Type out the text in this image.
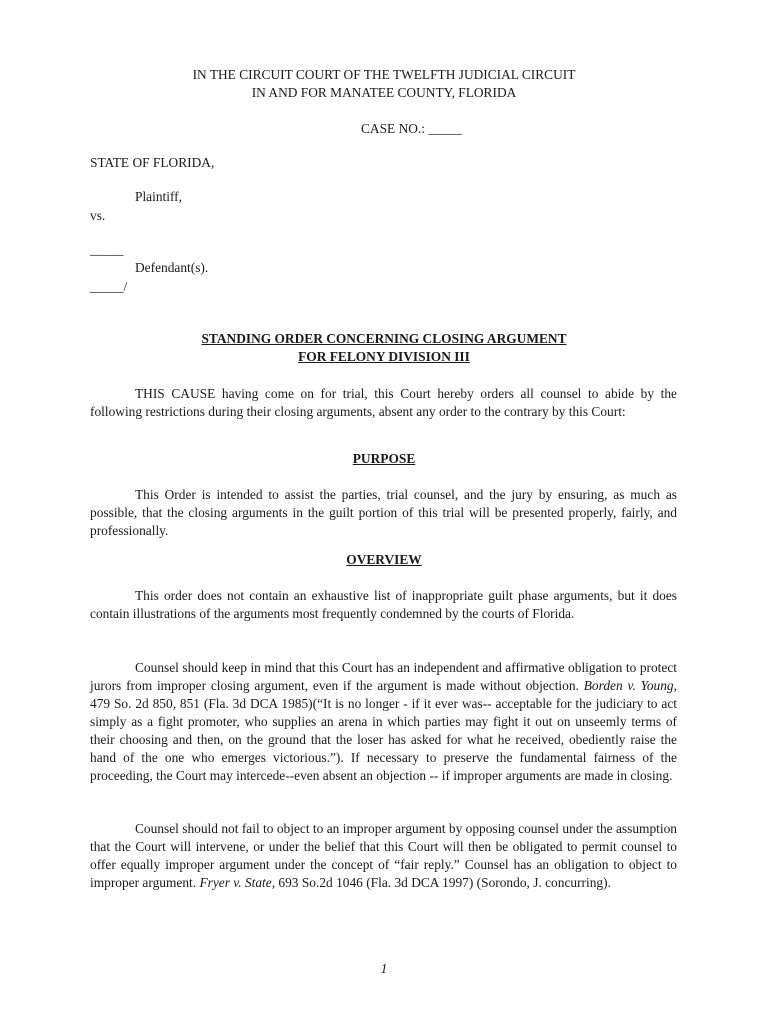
IN THE CIRCUIT COURT OF THE TWELFTH JUDICIAL CIRCUIT
IN AND FOR MANATEE COUNTY, FLORIDA
CASE NO.: _____
STATE OF FLORIDA,
Plaintiff,
vs.
_____
Defendant(s).
_____/
STANDING ORDER CONCERNING CLOSING ARGUMENT
FOR FELONY DIVISION III
THIS CAUSE having come on for trial, this Court hereby orders all counsel to abide by the following restrictions during their closing arguments, absent any order to the contrary by this Court:
PURPOSE
This Order is intended to assist the parties, trial counsel, and the jury by ensuring, as much as possible, that the closing arguments in the guilt portion of this trial will be presented properly, fairly, and professionally.
OVERVIEW
This order does not contain an exhaustive list of inappropriate guilt phase arguments, but it does contain illustrations of the arguments most frequently condemned by the courts of Florida.
Counsel should keep in mind that this Court has an independent and affirmative obligation to protect jurors from improper closing argument, even if the argument is made without objection. Borden v. Young, 479 So. 2d 850, 851 (Fla. 3d DCA 1985)(“It is no longer - if it ever was-- acceptable for the judiciary to act simply as a fight promoter, who supplies an arena in which parties may fight it out on unseemly terms of their choosing and then, on the ground that the loser has asked for what he received, obediently raise the hand of the one who emerges victorious.”). If necessary to preserve the fundamental fairness of the proceeding, the Court may intercede--even absent an objection -- if improper arguments are made in closing.
Counsel should not fail to object to an improper argument by opposing counsel under the assumption that the Court will intervene, or under the belief that this Court will then be obligated to permit counsel to offer equally improper argument under the concept of “fair reply.” Counsel has an obligation to object to improper argument. Fryer v. State, 693 So.2d 1046 (Fla. 3d DCA 1997) (Sorondo, J. concurring).
1
